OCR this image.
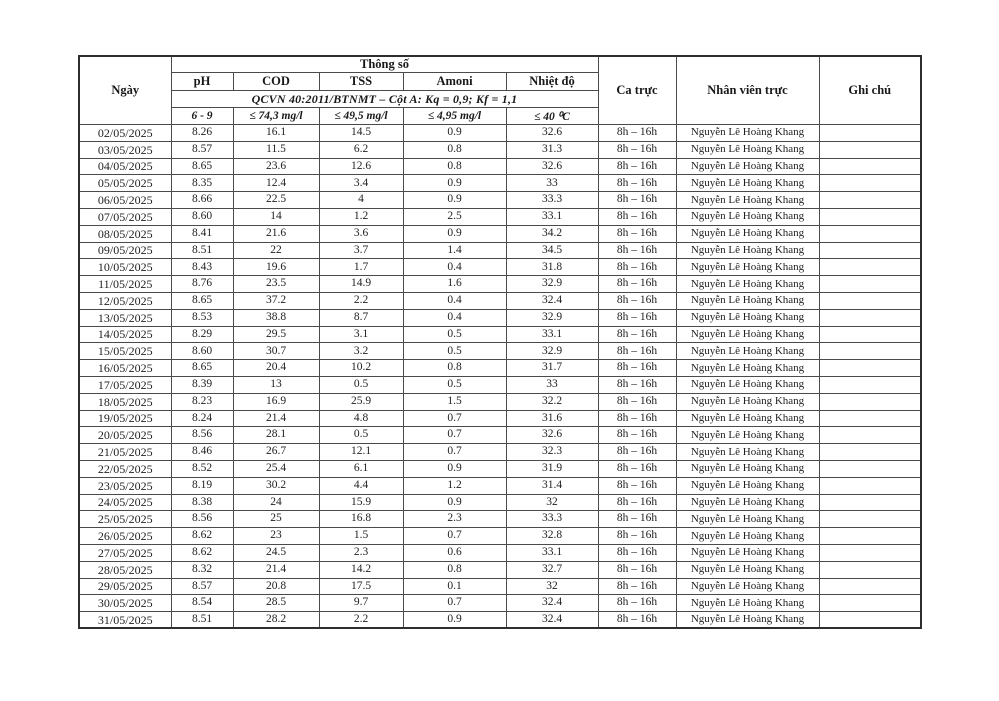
Ngày	Thông số					Ca trực	Nhân viên trực	Ghi chú
	pH	COD	TSS	Amoni	Nhiệt độ			
	QCVN 40:2011/BTNMT – Cột A: Kq = 0,9; Kf = 1,1							
	6 - 9	≤ 74,3 mg/l	≤ 49,5 mg/l	≤ 4,95 mg/l	≤ 40 ⁰C			
02/05/2025	8.26	16.1	14.5	0.9	32.6	8h – 16h	Nguyễn Lê Hoàng Khang	
03/05/2025	8.57	11.5	6.2	0.8	31.3	8h – 16h	Nguyễn Lê Hoàng Khang	
04/05/2025	8.65	23.6	12.6	0.8	32.6	8h – 16h	Nguyễn Lê Hoàng Khang	
05/05/2025	8.35	12.4	3.4	0.9	33	8h – 16h	Nguyễn Lê Hoàng Khang	
06/05/2025	8.66	22.5	4	0.9	33.3	8h – 16h	Nguyễn Lê Hoàng Khang	
07/05/2025	8.60	14	1.2	2.5	33.1	8h – 16h	Nguyễn Lê Hoàng Khang	
08/05/2025	8.41	21.6	3.6	0.9	34.2	8h – 16h	Nguyễn Lê Hoàng Khang	
09/05/2025	8.51	22	3.7	1.4	34.5	8h – 16h	Nguyễn Lê Hoàng Khang	
10/05/2025	8.43	19.6	1.7	0.4	31.8	8h – 16h	Nguyễn Lê Hoàng Khang	
11/05/2025	8.76	23.5	14.9	1.6	32.9	8h – 16h	Nguyễn Lê Hoàng Khang	
12/05/2025	8.65	37.2	2.2	0.4	32.4	8h – 16h	Nguyễn Lê Hoàng Khang	
13/05/2025	8.53	38.8	8.7	0.4	32.9	8h – 16h	Nguyễn Lê Hoàng Khang	
14/05/2025	8.29	29.5	3.1	0.5	33.1	8h – 16h	Nguyễn Lê Hoàng Khang	
15/05/2025	8.60	30.7	3.2	0.5	32.9	8h – 16h	Nguyễn Lê Hoàng Khang	
16/05/2025	8.65	20.4	10.2	0.8	31.7	8h – 16h	Nguyễn Lê Hoàng Khang	
17/05/2025	8.39	13	0.5	0.5	33	8h – 16h	Nguyễn Lê Hoàng Khang	
18/05/2025	8.23	16.9	25.9	1.5	32.2	8h – 16h	Nguyễn Lê Hoàng Khang	
19/05/2025	8.24	21.4	4.8	0.7	31.6	8h – 16h	Nguyễn Lê Hoàng Khang	
20/05/2025	8.56	28.1	0.5	0.7	32.6	8h – 16h	Nguyễn Lê Hoàng Khang	
21/05/2025	8.46	26.7	12.1	0.7	32.3	8h – 16h	Nguyễn Lê Hoàng Khang	
22/05/2025	8.52	25.4	6.1	0.9	31.9	8h – 16h	Nguyễn Lê Hoàng Khang	
23/05/2025	8.19	30.2	4.4	1.2	31.4	8h – 16h	Nguyễn Lê Hoàng Khang	
24/05/2025	8.38	24	15.9	0.9	32	8h – 16h	Nguyễn Lê Hoàng Khang	
25/05/2025	8.56	25	16.8	2.3	33.3	8h – 16h	Nguyễn Lê Hoàng Khang	
26/05/2025	8.62	23	1.5	0.7	32.8	8h – 16h	Nguyễn Lê Hoàng Khang	
27/05/2025	8.62	24.5	2.3	0.6	33.1	8h – 16h	Nguyễn Lê Hoàng Khang	
28/05/2025	8.32	21.4	14.2	0.8	32.7	8h – 16h	Nguyễn Lê Hoàng Khang	
29/05/2025	8.57	20.8	17.5	0.1	32	8h – 16h	Nguyễn Lê Hoàng Khang	
30/05/2025	8.54	28.5	9.7	0.7	32.4	8h – 16h	Nguyễn Lê Hoàng Khang	
31/05/2025	8.51	28.2	2.2	0.9	32.4	8h – 16h	Nguyễn Lê Hoàng Khang	
